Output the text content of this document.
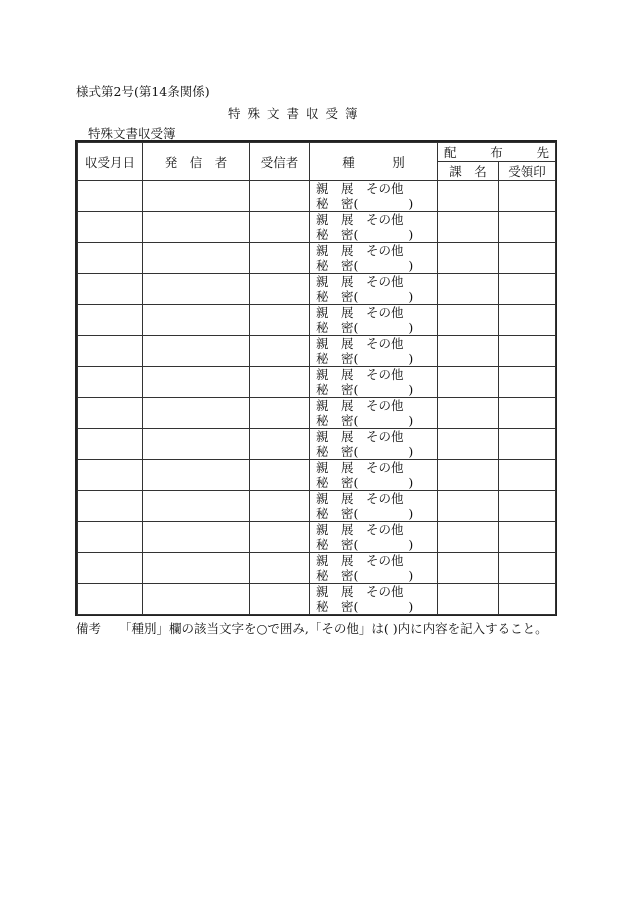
様式第2号(第14条関係)
特殊文書収受簿
特殊文書収受簿
収受月日	発　信　者	受信者	種　　　別	配　布　先	
				課　名	受領印

			親　展　その他
秘　密(　　　　)		

			親　展　その他
秘　密(　　　　)		

			親　展　その他
秘　密(　　　　)		

			親　展　その他
秘　密(　　　　)		

			親　展　その他
秘　密(　　　　)		

			親　展　その他
秘　密(　　　　)		

			親　展　その他
秘　密(　　　　)		

			親　展　その他
秘　密(　　　　)		

			親　展　その他
秘　密(　　　　)		

			親　展　その他
秘　密(　　　　)		

			親　展　その他
秘　密(　　　　)		

			親　展　その他
秘　密(　　　　)		

			親　展　その他
秘　密(　　　　)		

			親　展　その他
秘　密(　　　　)		

備考 「種別」欄の該当文字を○で囲み,「その他」は( )内に内容を記入すること。
